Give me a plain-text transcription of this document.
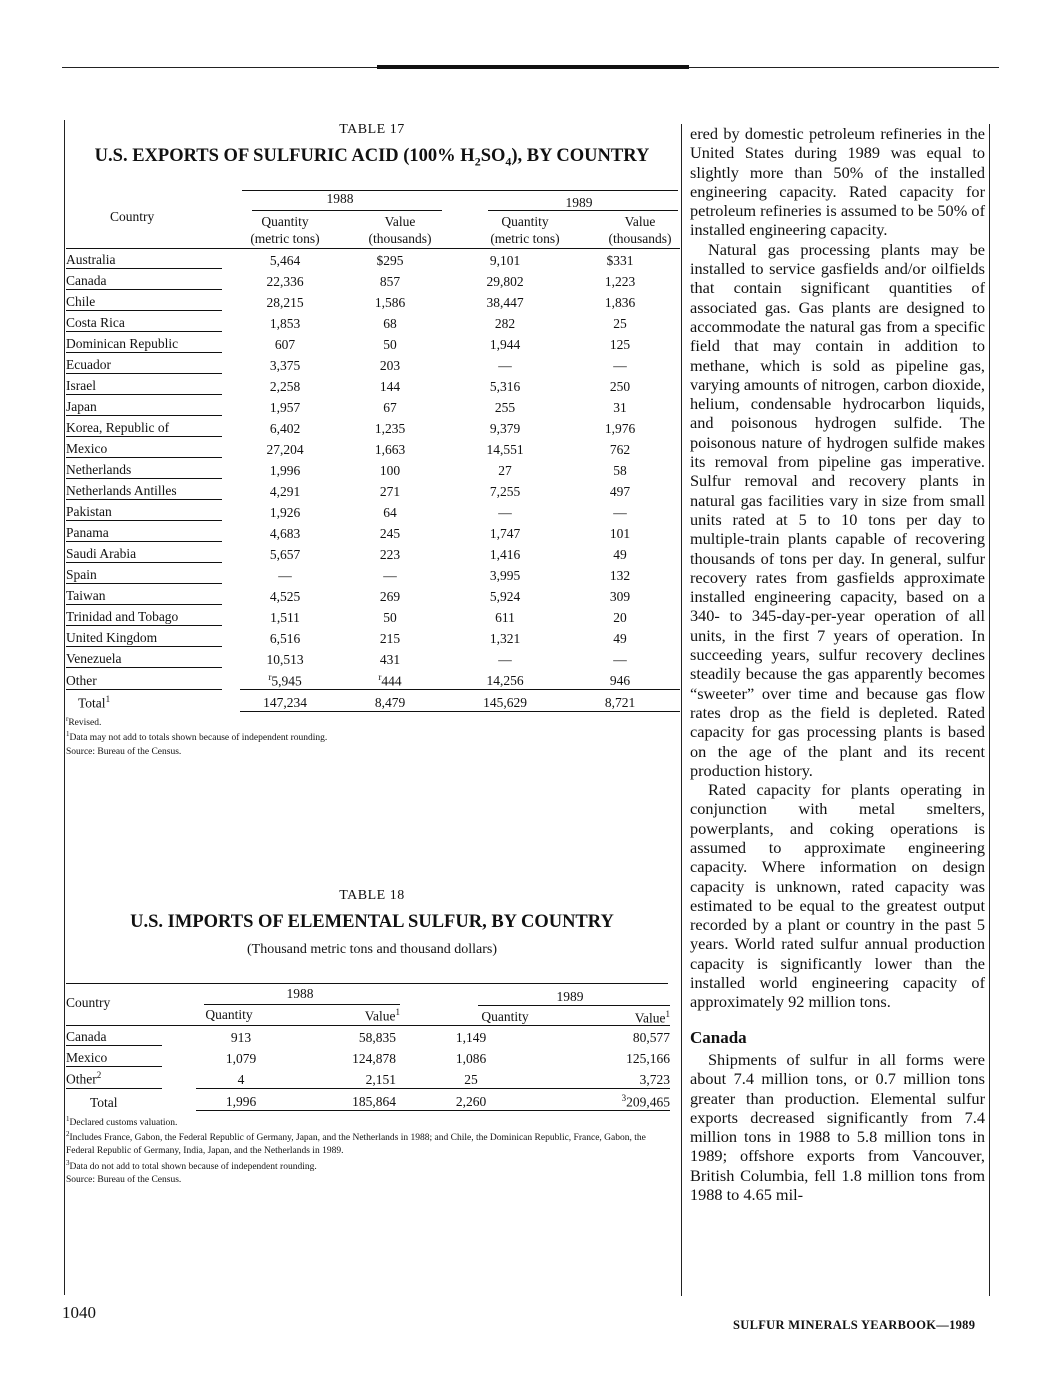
TABLE 17
U.S. EXPORTS OF SULFURIC ACID (100% $H_2SO_4$), BY COUNTRY
1988	1989
Country	Quantity
(metric tons)
Value
(thousands)
Quantity
(metric tons)
Value
(thousands)
Australia	5,464	$295	9,101	$331
Canada	22,336	857	29,802	1,223
Chile	28,215	1,586	38,447	1,836
Costa Rica	1,853	68	282	25
Dominican Republic	607	50	1,944	125
Ecuador	3,375	203	—	—
Israel	2,258	144	5,316	250
Japan	1,957	67	255	31
Korea, Republic of	6,402	1,235	9,379	1,976
Mexico	27,204	1,663	14,551	762
Netherlands	1,996	100	27	58
Netherlands Antilles	4,291	271	7,255	497
Pakistan	1,926	64	—	—
Panama	4,683	245	1,747	101
Saudi Arabia	5,657	223	1,416	49
Spain	—	—	3,995	132
Taiwan	4,525	269	5,924	309
Trinidad and Tobago	1,511	50	611	20
United Kingdom	6,516	215	1,321	49
Venezuela	10,513	431	—	—
Other	$^r$5,945	$^r$444	14,256	946
Total$^1$	147,234	8,479	145,629	8,721
$^r$Revised.
$^1$Data may not add to totals shown because of independent rounding.
Source: Bureau of the Census.
TABLE 18
U.S. IMPORTS OF ELEMENTAL SULFUR, BY COUNTRY
(Thousand metric tons and thousand dollars)
1988	1989
Country
Quantity	Value$^1$	Quantity	Value$^1$
Canada	913	58,835	1,149	80,577
Mexico	1,079	124,878	1,086	125,166
Other$^2$	4	2,151	25	3,723
Total	1,996	185,864	2,260	$^3$209,465
$^1$Declared customs valuation.
$^2$Includes France, Gabon, the Federal Republic of Germany, Japan, and the Netherlands in 1988; and Chile, the Dominican Republic, France, Gabon, the Federal Republic of Germany, India, Japan, and the Netherlands in 1989.
$^3$Data do not add to total shown because of independent rounding.
Source: Bureau of the Census.

ered by domestic petroleum refineries in the United States during 1989 was equal to slightly more than 50% of the installed engineering capacity. Rated capacity for petroleum refineries is assumed to be 50% of installed engineering capacity.

Natural gas processing plants may be installed to service gasfields and/or oilfields that contain significant quantities of associated gas. Gas plants are designed to accommodate the natural gas from a specific field that may contain in addition to methane, which is sold as pipeline gas, varying amounts of nitrogen, carbon dioxide, helium, condensable hydrocarbon liquids, and poisonous hydrogen sulfide. The poisonous nature of hydrogen sulfide makes its removal from pipeline gas imperative. Sulfur removal and recovery plants in natural gas facilities vary in size from small units rated at 5 to 10 tons per day to multiple-train plants capable of recovering thousands of tons per day. In general, sulfur recovery rates from gasfields approximate installed engineering capacity, based on a 340- to 345-day-per-year operation of all units, in the first 7 years of operation. In succeeding years, sulfur recovery declines steadily because the gas apparently becomes “sweeter” over time and because gas flow rates drop as the field is depleted. Rated capacity for gas processing plants is based on the age of the plant and its recent production history.

Rated capacity for plants operating in conjunction with metal smelters, powerplants, and coking operations is assumed to approximate engineering capacity. Where information on design capacity is unknown, rated capacity was estimated to be equal to the greatest output recorded by a plant or country in the past 5 years. World rated sulfur annual production capacity is significantly lower than the installed world engineering capacity of approximately 92 million tons.

Canada

Shipments of sulfur in all forms were about 7.4 million tons, or 0.7 million tons greater than production. Elemental sulfur exports decreased significantly from 7.4 million tons in 1988 to 5.8 million tons in 1989; offshore exports from Vancouver, British Columbia, fell 1.8 million tons from 1988 to 4.65 mil-

1040
SULFUR MINERALS YEARBOOK—1989
